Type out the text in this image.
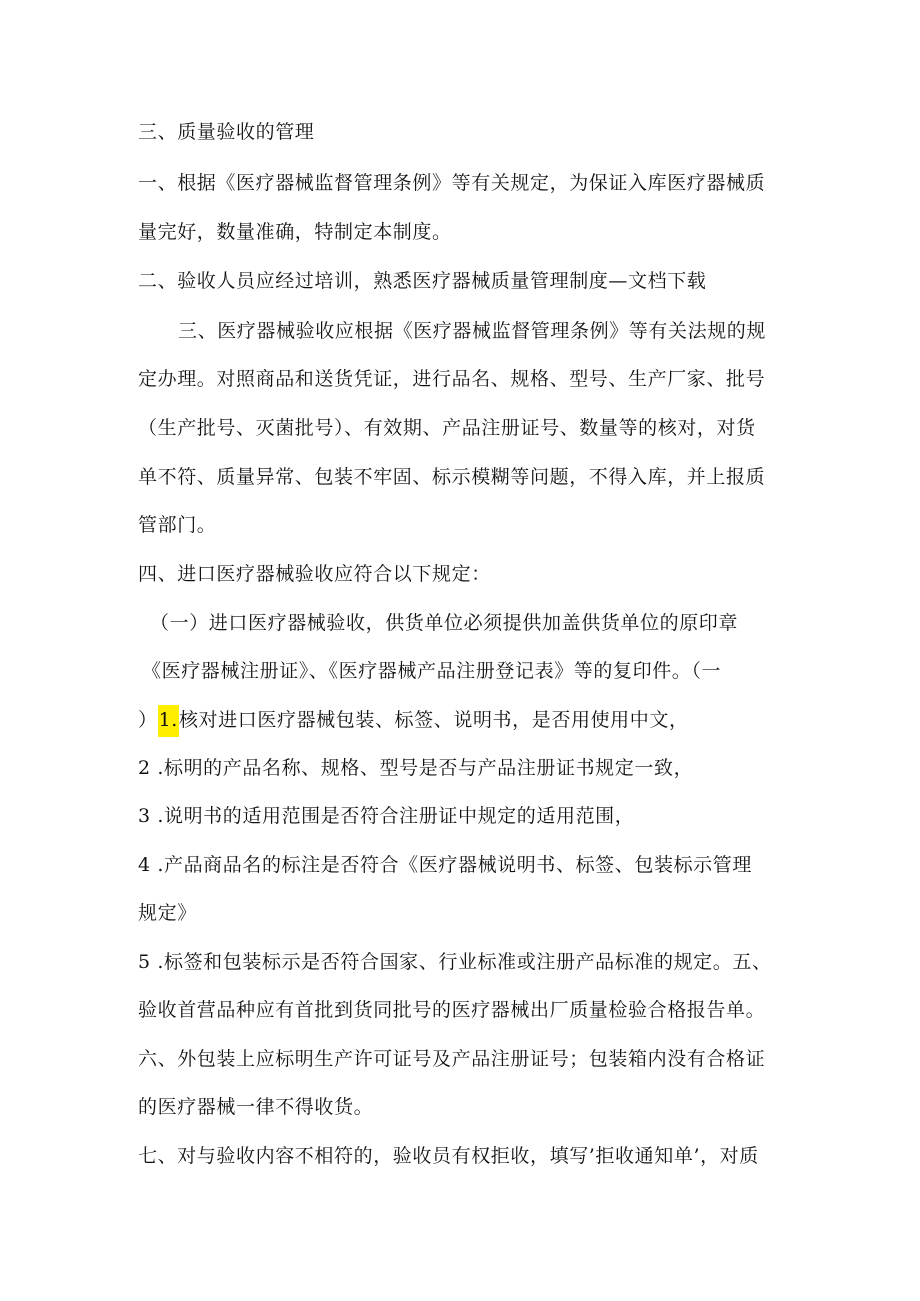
三、质量验收的管理
一、根据《医疗器械监督管理条例》等有关规定，为保证入库医疗器械质
量完好，数量准确，特制定本制度。
二、验收人员应经过培训，熟悉医疗器械质量管理制度—文档下载
三、医疗器械验收应根据《医疗器械监督管理条例》等有关法规的规
定办理。对照商品和送货凭证，进行品名、规格、型号、生产厂家、批号
（生产批号、灭菌批号）、有效期、产品注册证号、数量等的核对，对货
单不符、质量异常、包装不牢固、标示模糊等问题，不得入库，并上报质
管部门。
四、进口医疗器械验收应符合以下规定：
（一）进口医疗器械验收，供货单位必须提供加盖供货单位的原印章
《医疗器械注册证》、《医疗器械产品注册登记表》等的复印件。（一
）1.核对进口医疗器械包装、标签、说明书，是否用使用中文，
2 .标明的产品名称、规格、型号是否与产品注册证书规定一致，
3 .说明书的适用范围是否符合注册证中规定的适用范围，
4 .产品商品名的标注是否符合《医疗器械说明书、标签、包装标示管理
规定》
5 .标签和包装标示是否符合国家、行业标准或注册产品标准的规定。五、
验收首营品种应有首批到货同批号的医疗器械出厂质量检验合格报告单。
六、外包装上应标明生产许可证号及产品注册证号；包装箱内没有合格证
的医疗器械一律不得收货。
七、对与验收内容不相符的，验收员有权拒收，填写’拒收通知单’，对质
